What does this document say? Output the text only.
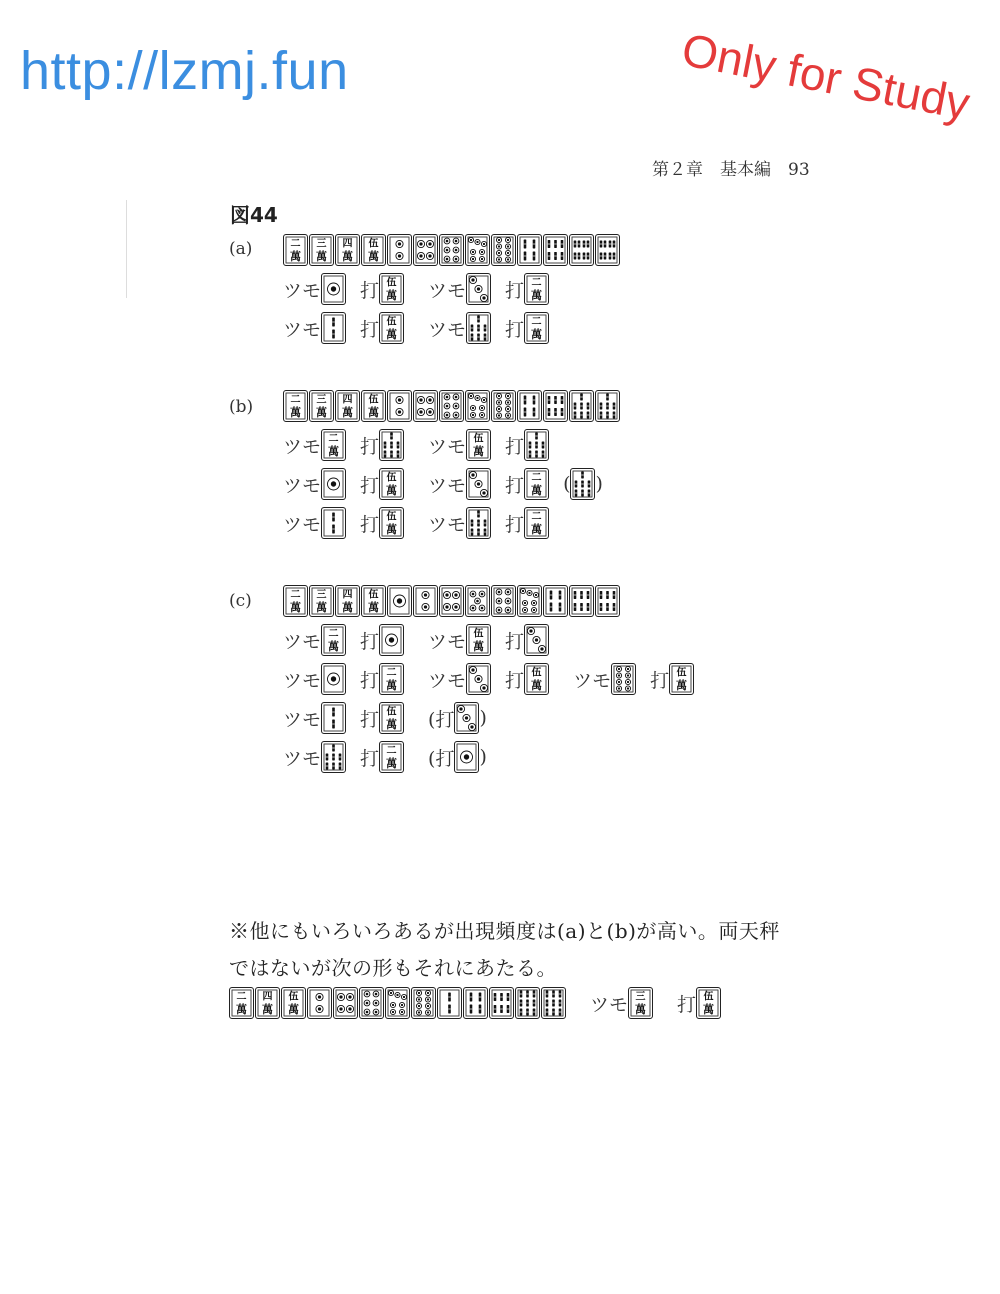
http://lzmj.fun	Only for Study
第２章　基本編　93
図44
(a)	二
萬
三
萬
四
萬
伍
萬
ツモ 打 伍
萬 ツモ 打 二
萬
ツモ 打 伍
萬 ツモ 打 二
萬
(b)	二
萬
三
萬
四
萬
伍
萬
ツモ 二
萬 打	ツモ 伍
萬 打
ツモ 打 伍
萬 ツモ 打 二
萬 ( )
ツモ 打 伍
萬 ツモ 打 二
萬
(c)	二
萬
三
萬
四
萬
伍
萬
ツモ 二
萬 打	ツモ 伍
萬 打
ツモ 打 二
萬 ツモ 打 伍
萬 ツモ 打 伍
萬
ツモ 打 伍
萬 (打 )
ツモ 打 二
萬 (打 )
※他にもいろいろあるが出現頻度は(a)と(b)が高い。両天秤
ではないが次の形もそれにあたる。
二
萬
四
萬
伍
萬	ツモ 三
萬 打 伍
萬
